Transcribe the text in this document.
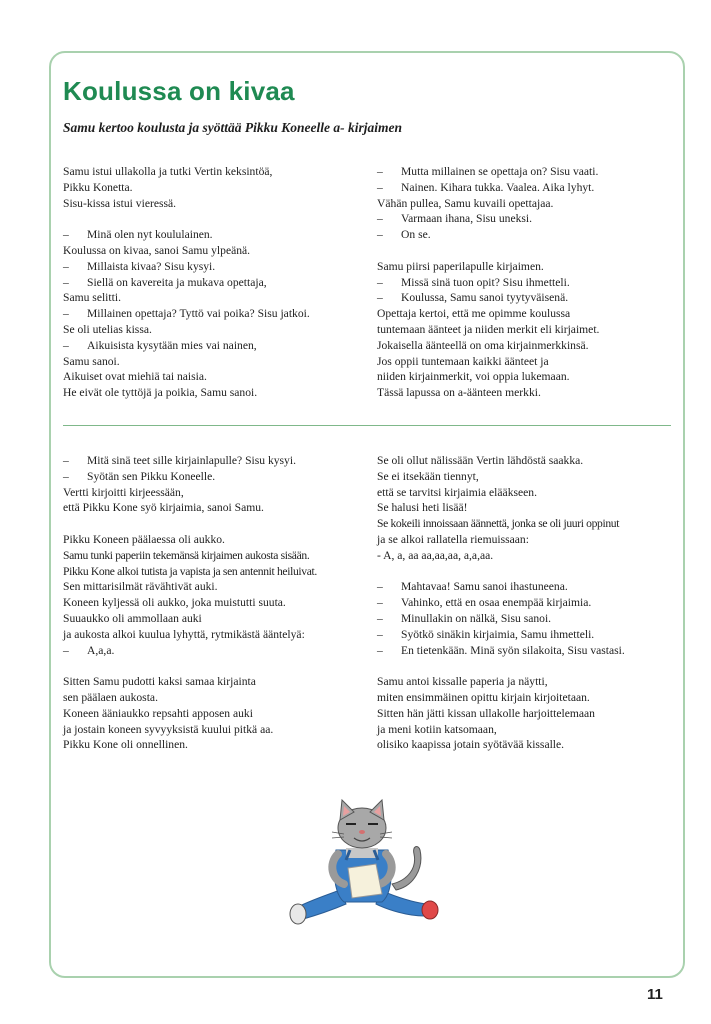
Koulussa on kivaa

Samu kertoo koulusta ja syöttää Pikku Koneelle a- kirjaimen

Samu istui ullakolla ja tutki Vertin keksintöä,
Pikku Konetta.
Sisu-kissa istui vieressä.
– Minä olen nyt koululainen.
Koulussa on kivaa, sanoi Samu ylpeänä.
– Millaista kivaa? Sisu kysyi.
– Siellä on kavereita ja mukava opettaja,
Samu selitti.
– Millainen opettaja? Tyttö vai poika? Sisu jatkoi.
Se oli utelias kissa.
– Aikuisista kysytään mies vai nainen,
Samu sanoi.
Aikuiset ovat miehiä tai naisia.
He eivät ole tyttöjä ja poikia, Samu sanoi.
– Mutta millainen se opettaja on? Sisu vaati.
– Nainen. Kihara tukka. Vaalea. Aika lyhyt.
Vähän pullea, Samu kuvaili opettajaa.
– Varmaan ihana, Sisu uneksi.
– On se.
Samu piirsi paperilapulle kirjaimen.
– Missä sinä tuon opit? Sisu ihmetteli.
– Koulussa, Samu sanoi tyytyväisenä.
Opettaja kertoi, että me opimme koulussa
tuntemaan äänteet ja niiden merkit eli kirjaimet.
Jokaisella äänteellä on oma kirjainmerkkinsä.
Jos oppii tuntemaan kaikki äänteet ja
niiden kirjainmerkit, voi oppia lukemaan.
Tässä lapussa on a-äänteen merkki.
– Mitä sinä teet sille kirjainlapulle? Sisu kysyi.
– Syötän sen Pikku Koneelle.
Vertti kirjoitti kirjeessään,
että Pikku Kone syö kirjaimia, sanoi Samu.
Pikku Koneen päälaessa oli aukko.
Samu tunki paperiin tekemänsä kirjaimen aukosta sisään.
Pikku Kone alkoi tutista ja vapista ja sen antennit heiluivat.
Sen mittarisilmät rävähtivät auki.
Koneen kyljessä oli aukko, joka muistutti suuta.
Suuaukko oli ammollaan auki
ja aukosta alkoi kuulua lyhyttä, rytmikästä ääntelyä:
– A,a,a.
Sitten Samu pudotti kaksi samaa kirjainta
sen päälaen aukosta.
Koneen ääniaukko repsahti apposen auki
ja jostain koneen syvyyksistä kuului pitkä aa.
Pikku Kone oli onnellinen.
Se oli ollut nälissään Vertin lähdöstä saakka.
Se ei itsekään tiennyt,
että se tarvitsi kirjaimia elääkseen.
Se halusi heti lisää!
Se kokeili innoissaan äännettä, jonka se oli juuri oppinut
ja se alkoi rallatella riemuissaan:
- A, a, aa aa,aa,aa, a,a,aa.
– Mahtavaa! Samu sanoi ihastuneena.
– Vahinko, että en osaa enempää kirjaimia.
– Minullakin on nälkä, Sisu sanoi.
– Syötkö sinäkin kirjaimia, Samu ihmetteli.
– En tietenkään. Minä syön silakoita, Sisu vastasi.
Samu antoi kissalle paperia ja näytti,
miten ensimmäinen opittu kirjain kirjoitetaan.
Sitten hän jätti kissan ullakolle harjoittelemaan
ja meni kotiin katsomaan,
olisiko kaapissa jotain syötävää kissalle.
11
